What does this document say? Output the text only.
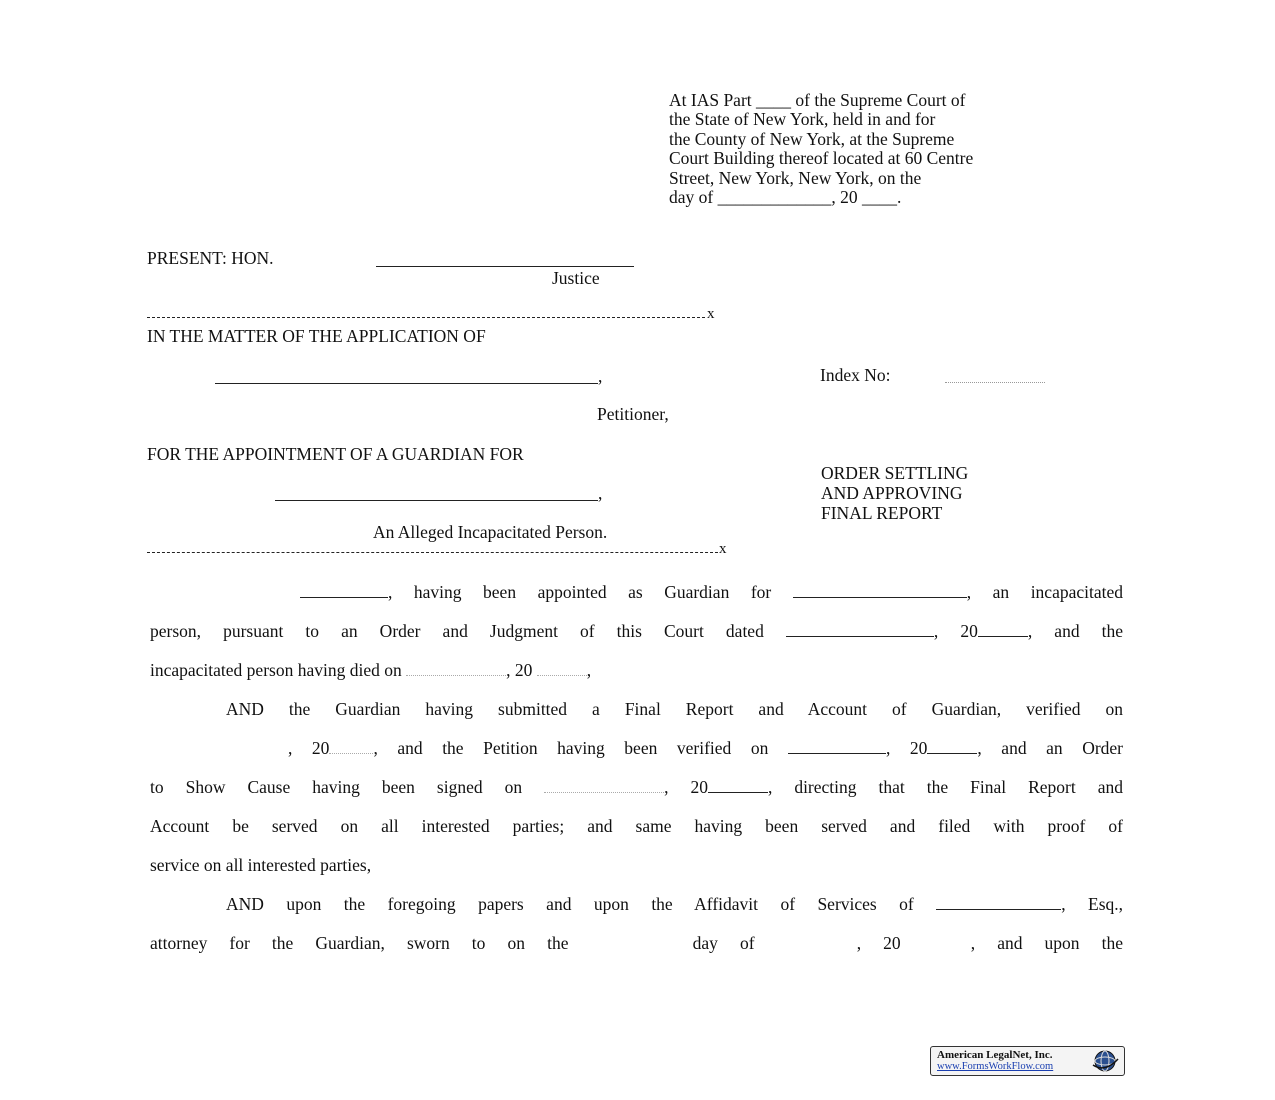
At IAS Part ____ of the Supreme Court of
the State of New York, held in and for
the County of New York, at the Supreme
Court Building thereof located at 60 Centre
Street, New York, New York, on the
day of _____________, 20 ____.
PRESENT: HON.
Justice
x
IN THE MATTER OF THE APPLICATION OF
,	Index No:
Petitioner,
FOR THE APPOINTMENT OF A GUARDIAN FOR
ORDER SETTLING
AND APPROVING
FINAL REPORT
,
An Alleged Incapacitated Person.
x
, having been appointed as Guardian for	, an incapacitated
person, pursuant to an Order and Judgment of this Court dated	, 20	, and the
incapacitated person having died on	, 20	,
AND the Guardian having submitted a Final Report and Account of Guardian, verified on
, 20	, and the Petition having been verified on	, 20	, and an Order
to Show Cause having been signed on	, 20	, directing that the Final Report and
Account be served on all interested parties; and same having been served and filed with proof of
service on all interested parties,
AND upon the foregoing papers and upon the Affidavit of Services of	, Esq.,
attorney for the Guardian, sworn to on the	day of	, 20	, and upon the
American LegalNet, Inc.
www.FormsWorkFlow.com
